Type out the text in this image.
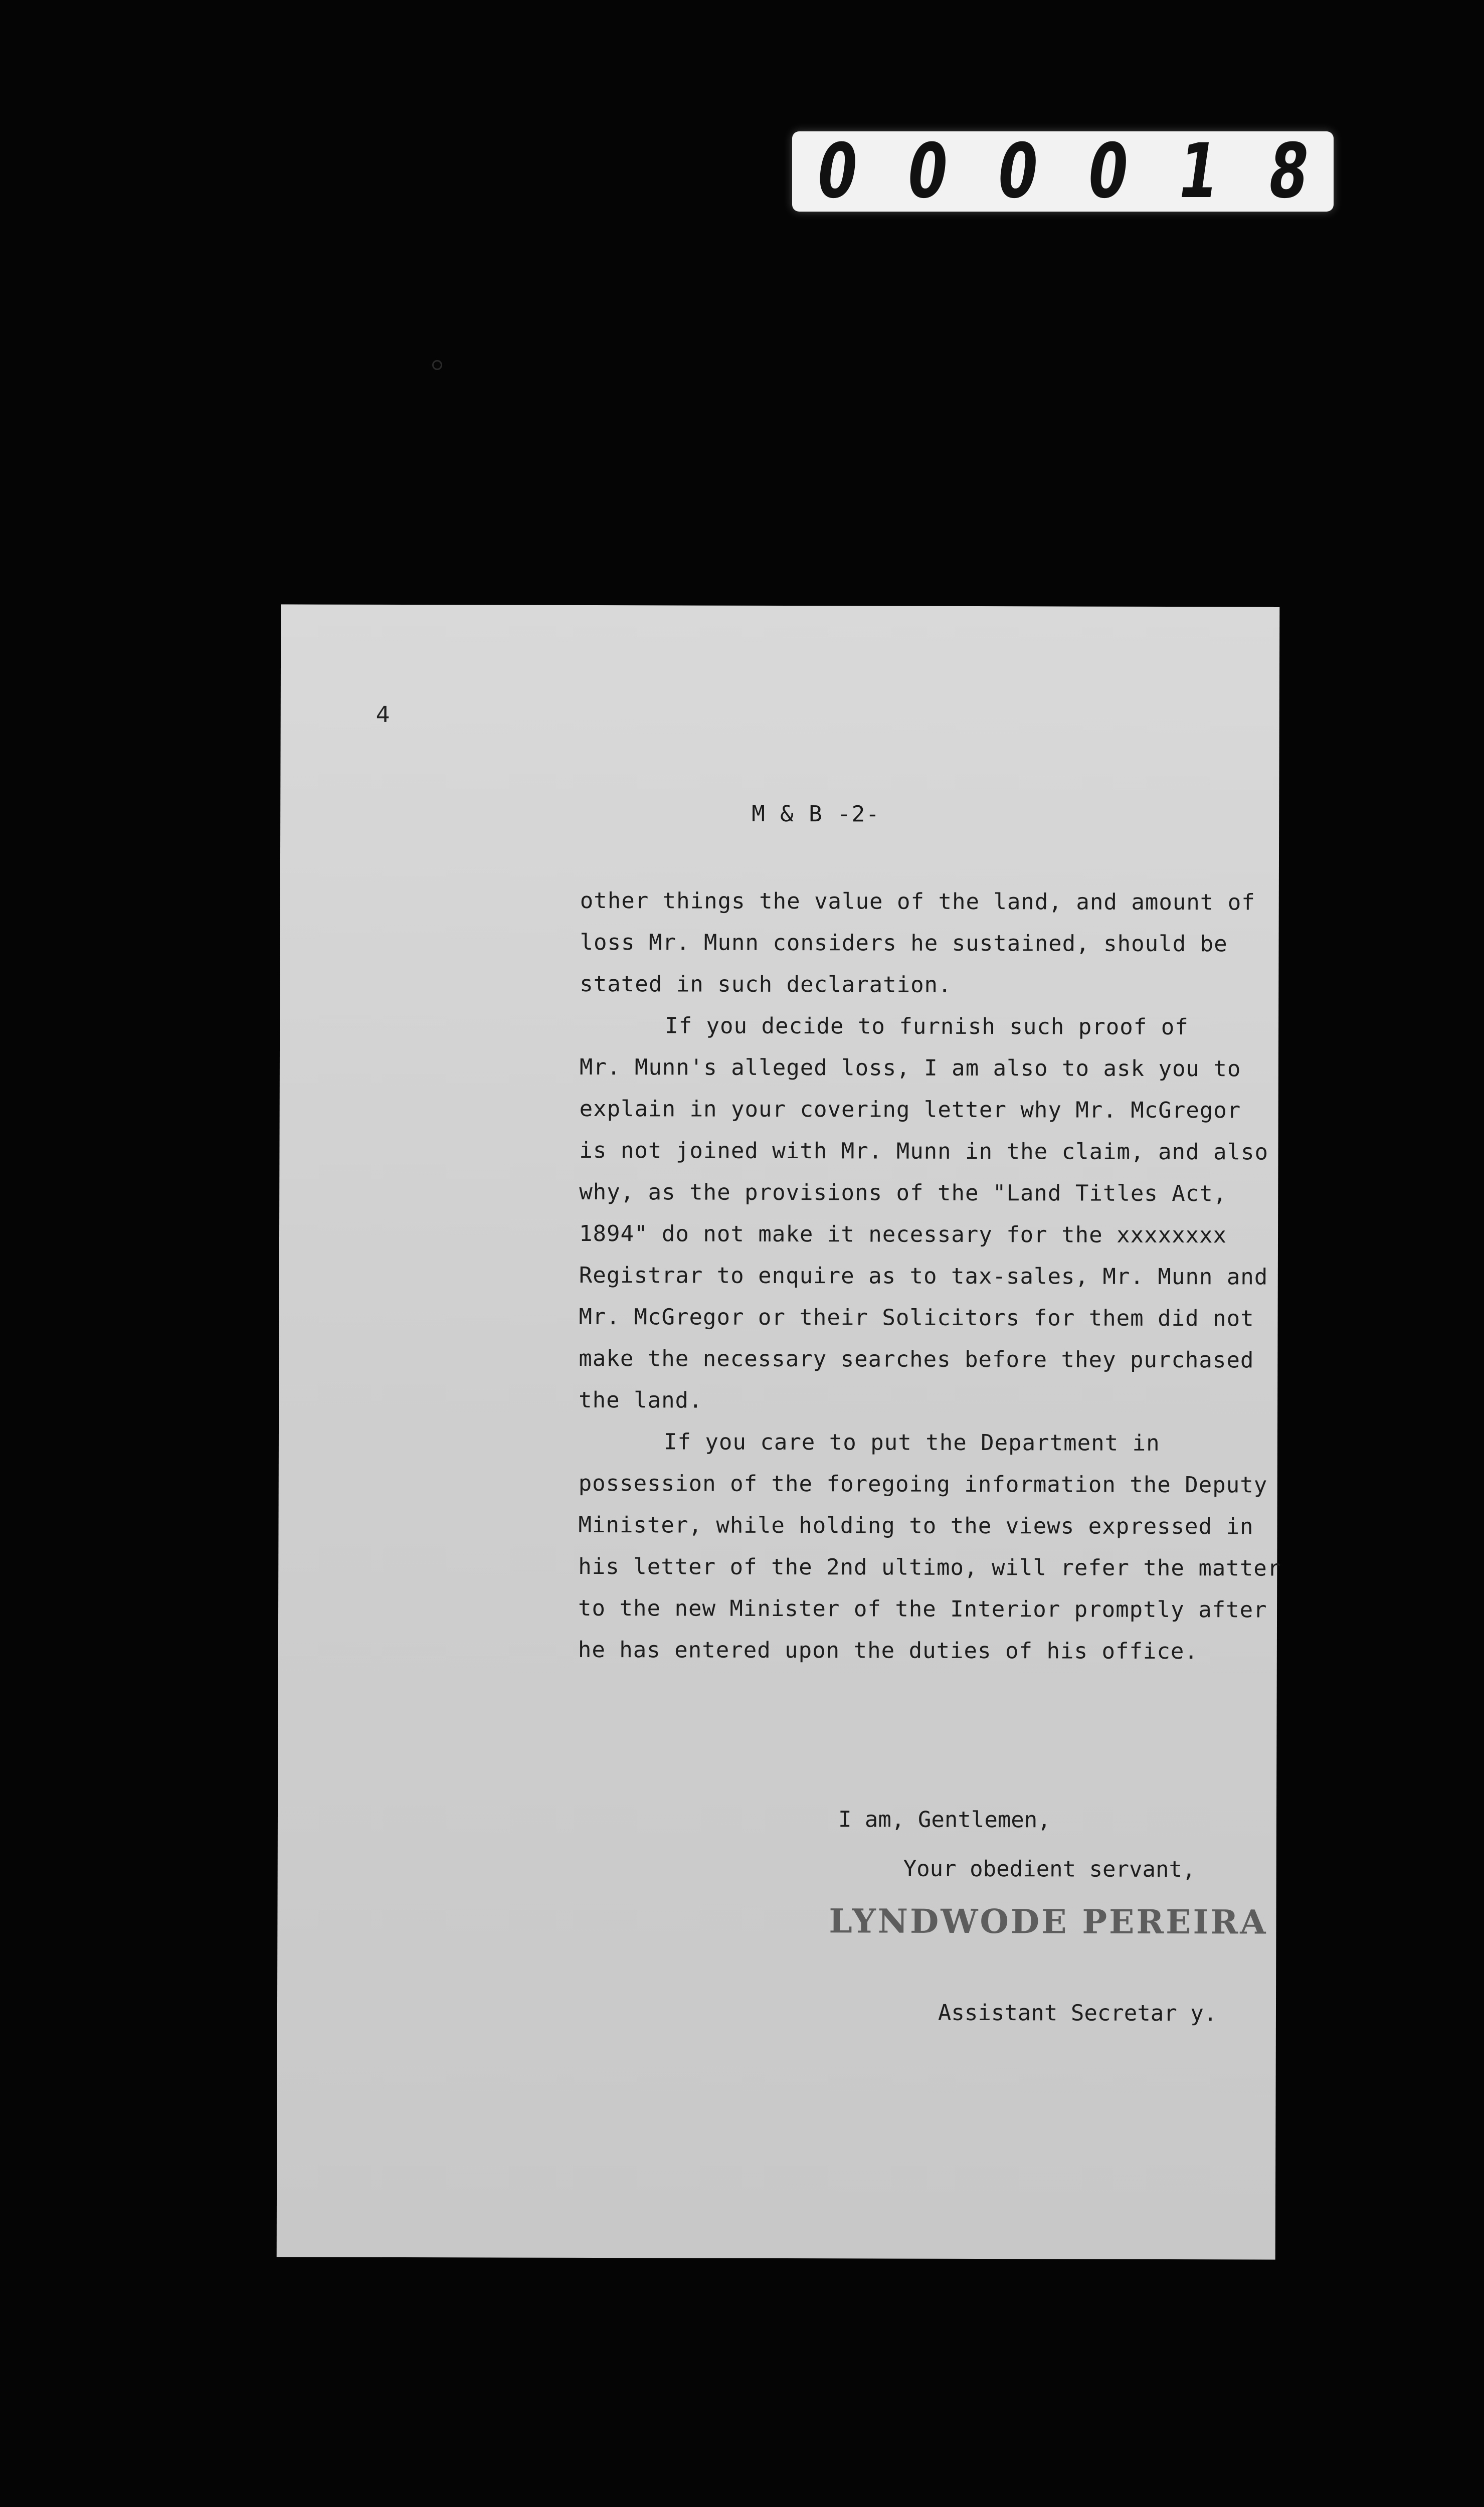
0 0 0 0 1 8
4
M & B -2-
other things the value of the land, and amount of
loss Mr. Munn considers he sustained, should be
stated in such declaration.
If you decide to furnish such proof of
Mr. Munn's alleged loss, I am also to ask you to
explain in your covering letter why Mr. McGregor
is not joined with Mr. Munn in the claim, and also
why, as the provisions of the "Land Titles Act,
1894" do not make it necessary for the xxxxxxxx
Registrar to enquire as to tax-sales, Mr. Munn and
Mr. McGregor or their Solicitors for them did not
make the necessary searches before they purchased
the land.
If you care to put the Department in
possession of the foregoing information the Deputy
Minister, while holding to the views expressed in
his letter of the 2nd ultimo, will refer the matter
to the new Minister of the Interior promptly after
he has entered upon the duties of his office.
I am, Gentlemen,
Your obedient servant,
LYNDWODE PEREIRA
Assistant Secretar y.
